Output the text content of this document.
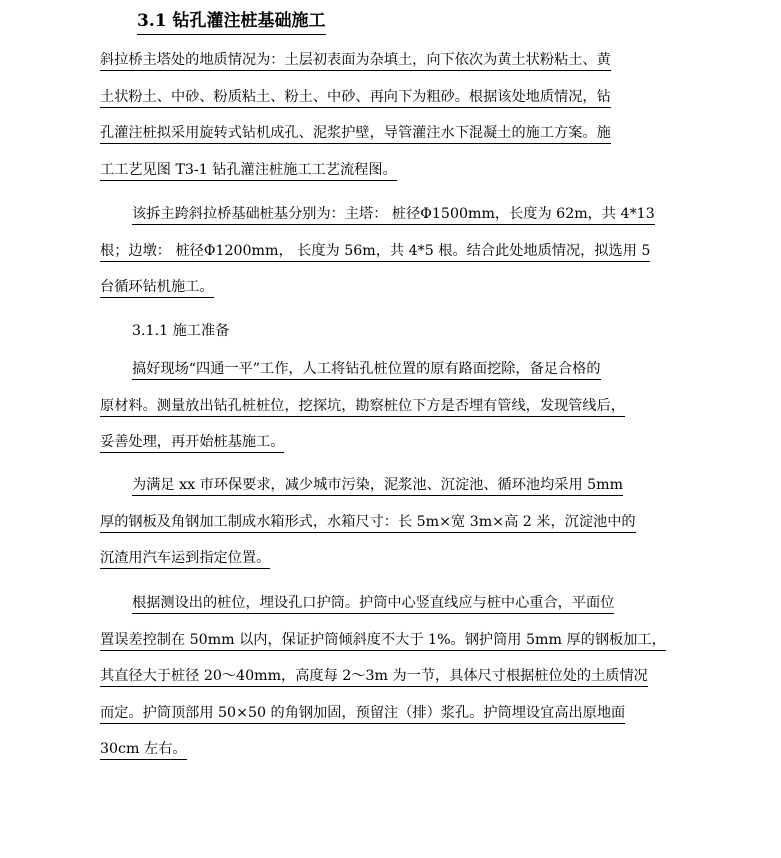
3.1 钻孔灌注桩基础施工
斜拉桥主塔处的地质情况为：土层初表面为杂填土，向下依次为黄土状粉粘土、黄
土状粉土、中砂、粉质粘土、粉土、中砂、再向下为粗砂。根据该处地质情况，钻
孔灌注桩拟采用旋转式钻机成孔、泥浆护壁，导管灌注水下混凝土的施工方案。施
工工艺见图 T3-1 钻孔灌注桩施工工艺流程图。
该拆主跨斜拉桥基础桩基分别为：主塔： 桩径Φ1500mm，长度为 62m，共 4*13
根；边墩： 桩径Φ1200mm， 长度为 56m，共 4*5 根。结合此处地质情况，拟选用 5
台循环钻机施工。
3.1.1 施工准备
搞好现场“四通一平”工作，人工将钻孔桩位置的原有路面挖除，备足合格的
原材料。测量放出钻孔桩桩位，挖探坑，勘察桩位下方是否埋有管线，发现管线后，
妥善处理，再开始桩基施工。
为满足 xx 市环保要求，减少城市污染，泥浆池、沉淀池、循环池均采用 5mm
厚的钢板及角钢加工制成水箱形式，水箱尺寸：长 5m×宽 3m×高 2 米，沉淀池中的
沉渣用汽车运到指定位置。
根据测设出的桩位，埋设孔口护筒。护筒中心竖直线应与桩中心重合，平面位
置误差控制在 50mm 以内，保证护筒倾斜度不大于 1%。钢护筒用 5mm 厚的钢板加工，
其直径大于桩径 20～40mm，高度每 2～3m 为一节，具体尺寸根据桩位处的土质情况
而定。护筒顶部用 50×50 的角钢加固，预留注（排）浆孔。护筒埋设宜高出原地面
30cm 左右。
